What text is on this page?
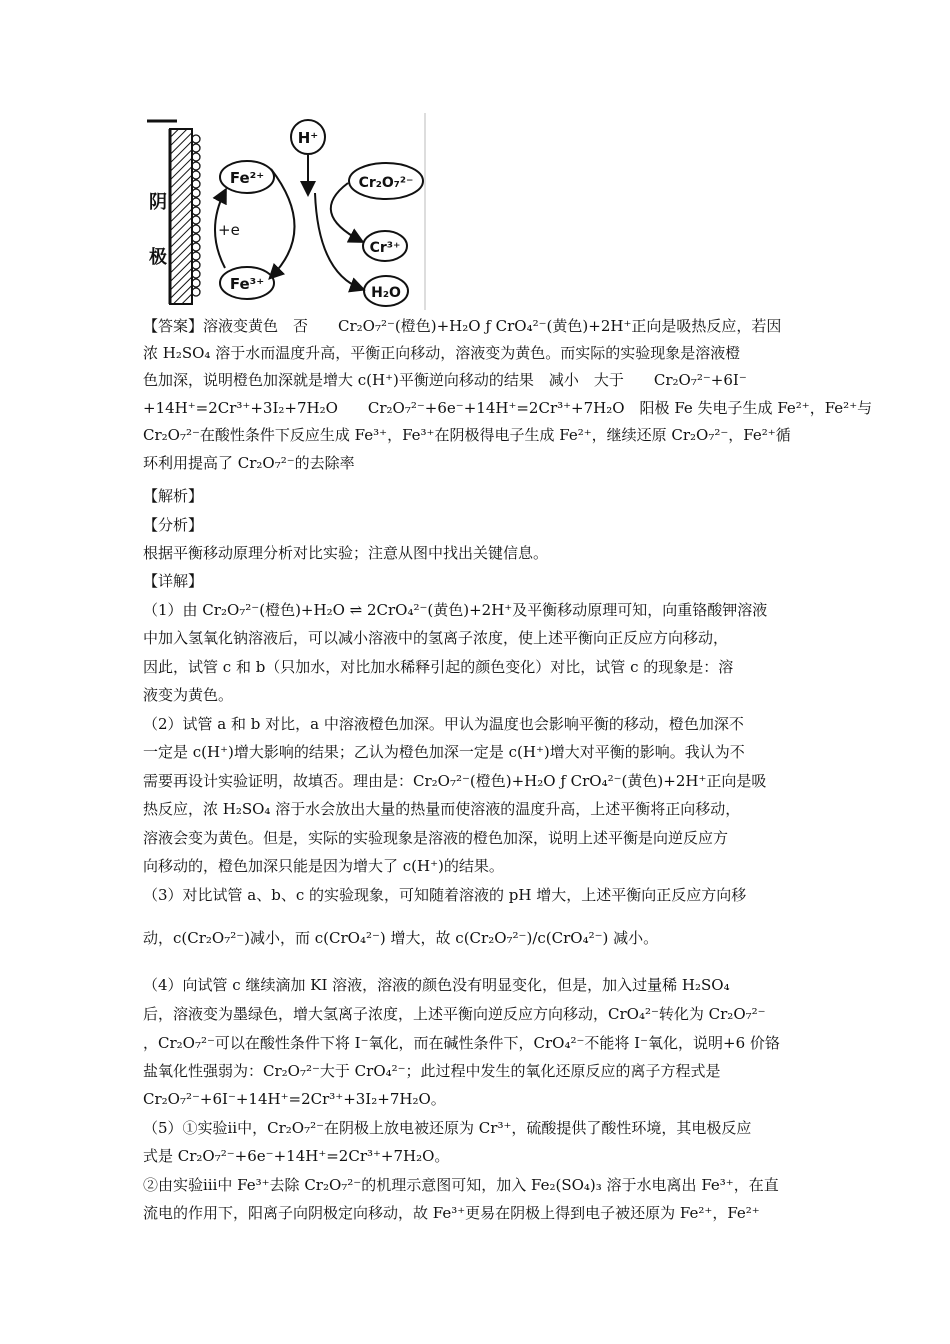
阴
极
Fe²⁺
Fe³⁺
+e
H⁺
Cr₂O₇²⁻
Cr³⁺
H₂O
【答案】溶液变黄色　否　　Cr₂O₇²⁻(橙色)+H₂O ƒ CrO₄²⁻(黄色)+2H⁺正向是吸热反应，若因
浓 H₂SO₄ 溶于水而温度升高，平衡正向移动，溶液变为黄色。而实际的实验现象是溶液橙
色加深，说明橙色加深就是增大 c(H⁺)平衡逆向移动的结果　减小　大于　　Cr₂O₇²⁻+6I⁻
+14H⁺=2Cr³⁺+3I₂+7H₂O　　Cr₂O₇²⁻+6e⁻+14H⁺=2Cr³⁺+7H₂O　阳极 Fe 失电子生成 Fe²⁺，Fe²⁺与
Cr₂O₇²⁻在酸性条件下反应生成 Fe³⁺，Fe³⁺在阴极得电子生成 Fe²⁺，继续还原 Cr₂O₇²⁻，Fe²⁺循
环利用提高了 Cr₂O₇²⁻的去除率
【解析】
【分析】
根据平衡移动原理分析对比实验；注意从图中找出关键信息。
【详解】
（1）由 Cr₂O₇²⁻(橙色)+H₂O ⇌ 2CrO₄²⁻(黄色)+2H⁺及平衡移动原理可知，向重铬酸钾溶液
中加入氢氧化钠溶液后，可以减小溶液中的氢离子浓度，使上述平衡向正反应方向移动，
因此，试管 c 和 b（只加水，对比加水稀释引起的颜色变化）对比，试管 c 的现象是：溶
液变为黄色。
（2）试管 a 和 b 对比，a 中溶液橙色加深。甲认为温度也会影响平衡的移动，橙色加深不
一定是 c(H⁺)增大影响的结果；乙认为橙色加深一定是 c(H⁺)增大对平衡的影响。我认为不
需要再设计实验证明，故填否。理由是：Cr₂O₇²⁻(橙色)+H₂O ƒ CrO₄²⁻(黄色)+2H⁺正向是吸
热反应，浓 H₂SO₄ 溶于水会放出大量的热量而使溶液的温度升高，上述平衡将正向移动，
溶液会变为黄色。但是，实际的实验现象是溶液的橙色加深，说明上述平衡是向逆反应方
向移动的，橙色加深只能是因为增大了 c(H⁺)的结果。
（3）对比试管 a、b、c 的实验现象，可知随着溶液的 pH 增大，上述平衡向正反应方向移
动，c(Cr₂O₇²⁻)减小，而 c(CrO₄²⁻) 增大，故 c(Cr₂O₇²⁻)/c(CrO₄²⁻) 减小。
（4）向试管 c 继续滴加 KI 溶液，溶液的颜色没有明显变化，但是，加入过量稀 H₂SO₄
后，溶液变为墨绿色，增大氢离子浓度，上述平衡向逆反应方向移动，CrO₄²⁻转化为 Cr₂O₇²⁻
，Cr₂O₇²⁻可以在酸性条件下将 I⁻氧化，而在碱性条件下，CrO₄²⁻不能将 I⁻氧化，说明+6 价铬
盐氧化性强弱为：Cr₂O₇²⁻大于 CrO₄²⁻；此过程中发生的氧化还原反应的离子方程式是
Cr₂O₇²⁻+6I⁻+14H⁺=2Cr³⁺+3I₂+7H₂O。
（5）①实验ⅱ中，Cr₂O₇²⁻在阴极上放电被还原为 Cr³⁺，硫酸提供了酸性环境，其电极反应
式是 Cr₂O₇²⁻+6e⁻+14H⁺=2Cr³⁺+7H₂O。
②由实验ⅲ中 Fe³⁺去除 Cr₂O₇²⁻的机理示意图可知，加入 Fe₂(SO₄)₃ 溶于水电离出 Fe³⁺，在直
流电的作用下，阳离子向阴极定向移动，故 Fe³⁺更易在阴极上得到电子被还原为 Fe²⁺，Fe²⁺
